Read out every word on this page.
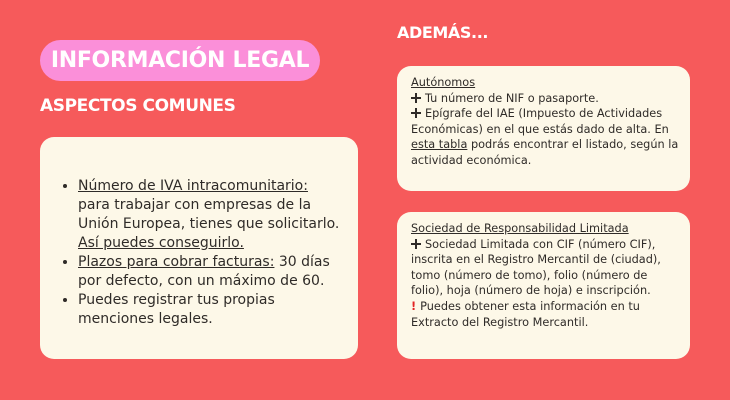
INFORMACIÓN LEGAL
ASPECTOS COMUNES
ADEMÁS...
• Número de IVA intracomunitario: para trabajar con empresas de la Unión Europea, tienes que solicitarlo. Así puedes conseguirlo.
• Plazos para cobrar facturas: 30 días por defecto, con un máximo de 60.
• Puedes registrar tus propias menciones legales.
Autónomos
Tu número de NIF o pasaporte.
Epígrafe del IAE (Impuesto de Actividades Económicas) en el que estás dado de alta. En esta tabla podrás encontrar el listado, según la actividad económica.
Sociedad de Responsabilidad Limitada
Sociedad Limitada con CIF (número CIF), inscrita en el Registro Mercantil de (ciudad), tomo (número de tomo), folio (número de folio), hoja (número de hoja) e inscripción.
! Puedes obtener esta información en tu Extracto del Registro Mercantil.
